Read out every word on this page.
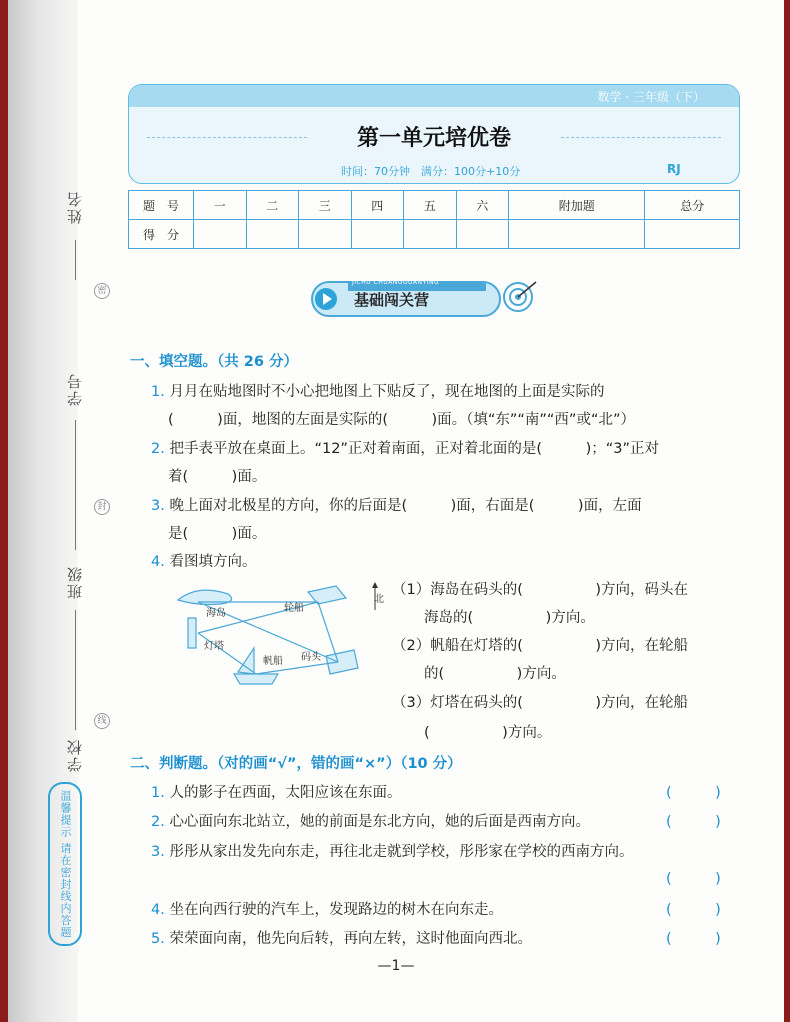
姓名
学号
班级
学校
密
封
线
温馨提示 请在密封线内答题
数学 · 三年级（下）
第一单元培优卷
时间：70分钟　满分：100分+10分	RJ
题　号	一	二	三	四	五	六	附加题	总分
得　分								
JICHU CHUANGGUANYING
基础闯关营
一、填空题。（共 26 分）
1. 月月在贴地图时不小心把地图上下贴反了，现在地图的上面是实际的
(　　　)面，地图的左面是实际的(　　　)面。（填“东”“南”“西”或“北”）
2. 把手表平放在桌面上。“12”正对着南面，正对着北面的是(　　　)；“3”正对
着(　　　)面。
3. 晚上面对北极星的方向，你的后面是(　　　)面，右面是(　　　)面，左面
是(　　　)面。
4. 看图填方向。
海岛	轮船
灯塔
帆船 码头
北
（1）海岛在码头的(　　　　　)方向，码头在
海岛的(　　　　　)方向。
（2）帆船在灯塔的(　　　　　)方向，在轮船
的(　　　　　)方向。
（3）灯塔在码头的(　　　　　)方向，在轮船
(　　　　　)方向。
二、判断题。（对的画“√”，错的画“×”）（10 分）
1. 人的影子在西面，太阳应该在东面。	(　　　)
2. 心心面向东北站立，她的前面是东北方向，她的后面是西南方向。	(　　　)
3. 彤彤从家出发先向东走，再往北走就到学校，彤彤家在学校的西南方向。
(　　　)
4. 坐在向西行驶的汽车上，发现路边的树木在向东走。	(　　　)
5. 荣荣面向南，他先向后转，再向左转，这时他面向西北。	(　　　)
—1—
